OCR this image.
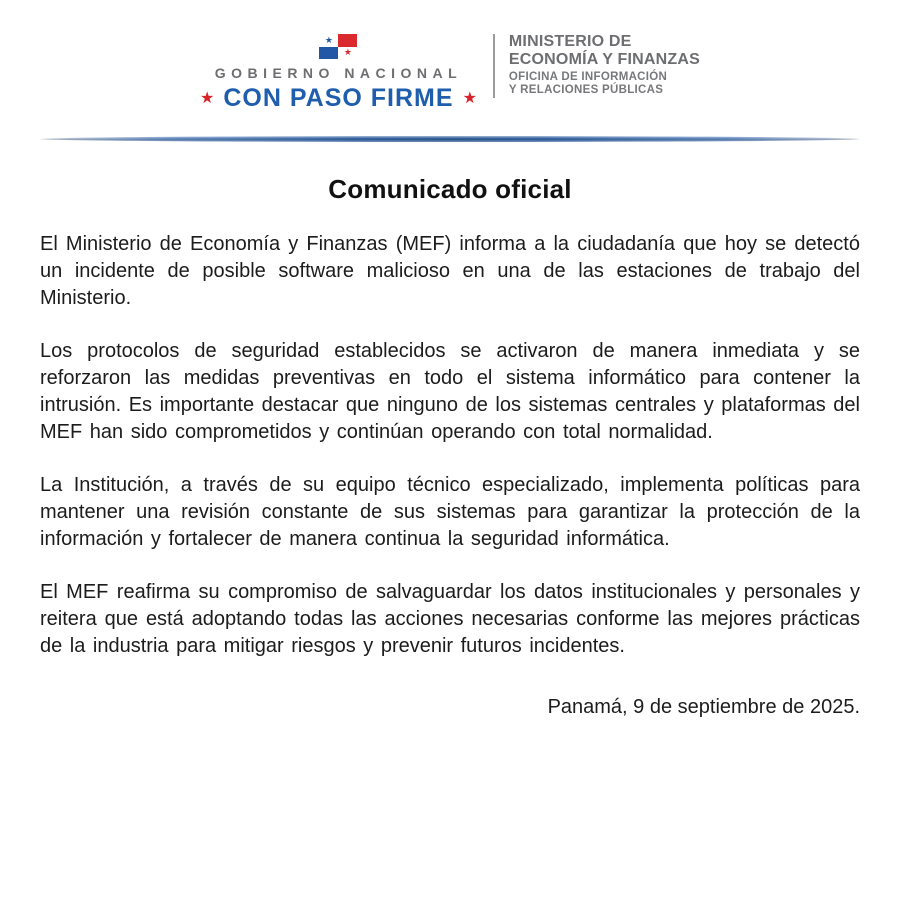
★
★
GOBIERNO NACIONAL
★ CON PASO FIRME ★
MINISTERIO DE
ECONOMÍA Y FINANZAS
OFICINA DE INFORMACIÓN
Y RELACIONES PÚBLICAS
Comunicado oficial

El Ministerio de Economía y Finanzas (MEF) informa a la ciudadanía que hoy se detectó un incidente de posible software malicioso en una de las estaciones de trabajo del Ministerio.

Los protocolos de seguridad establecidos se activaron de manera inmediata y se reforzaron las medidas preventivas en todo el sistema informático para contener la intrusión. Es importante destacar que ninguno de los sistemas centrales y plataformas del MEF han sido comprometidos y continúan operando con total normalidad.

La Institución, a través de su equipo técnico especializado, implementa políticas para mantener una revisión constante de sus sistemas para garantizar la protección de la información y fortalecer de manera continua la seguridad informática.

El MEF reafirma su compromiso de salvaguardar los datos institucionales y personales y reitera que está adoptando todas las acciones necesarias conforme las mejores prácticas de la industria para mitigar riesgos y prevenir futuros incidentes.

Panamá, 9 de septiembre de 2025.
